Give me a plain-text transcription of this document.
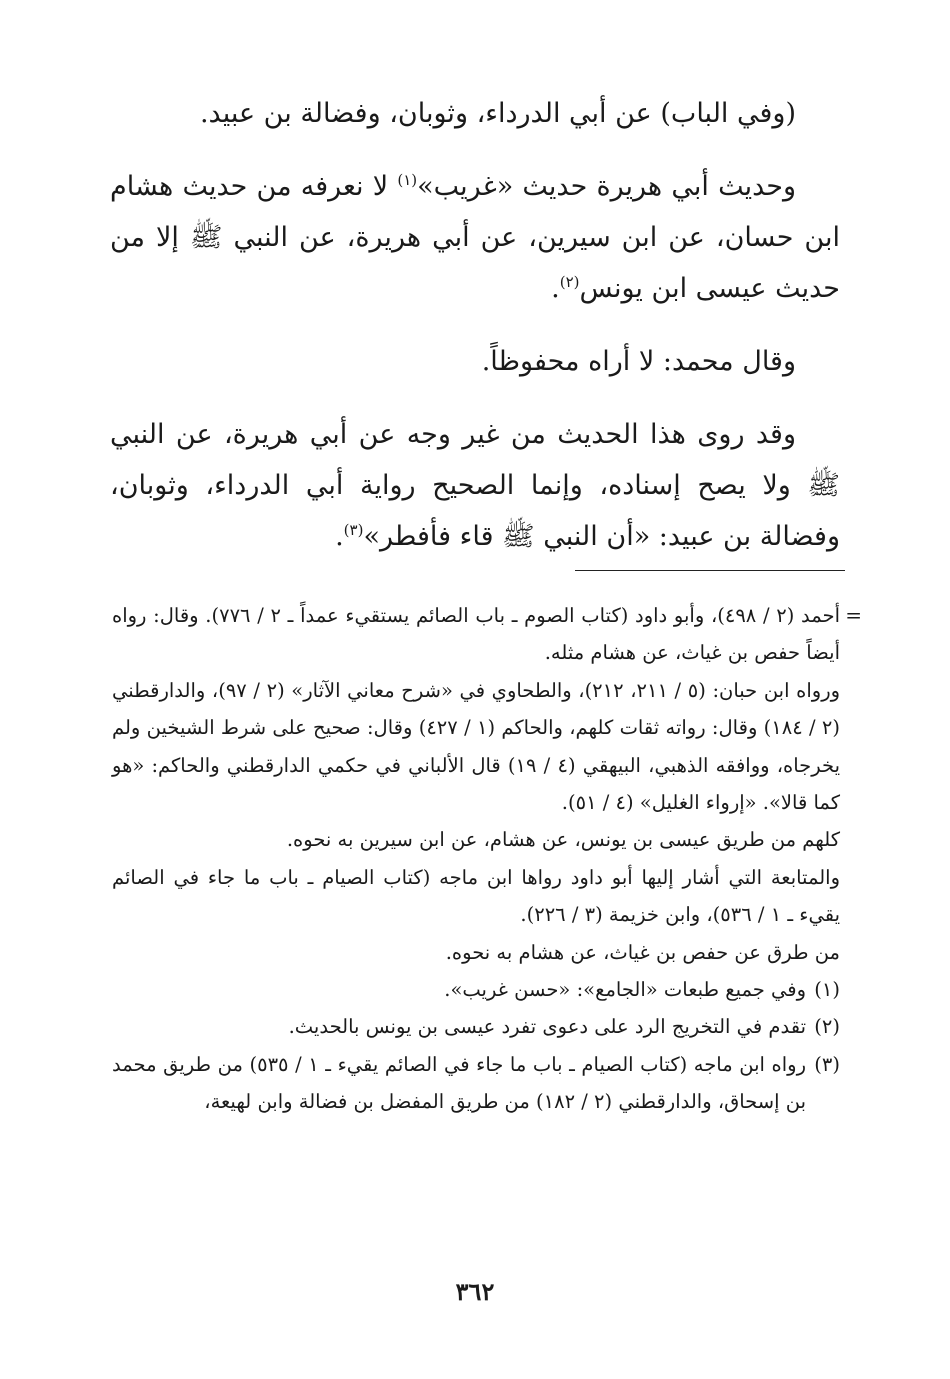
(وفي الباب) عن أبي الدرداء، وثوبان، وفضالة بن عبيد.

وحديث أبي هريرة حديث «غريب»$^{(١)}$ لا نعرفه من حديث هشام ابن حسان، عن ابن سيرين، عن أبي هريرة، عن النبي ﷺ إلا من حديث عيسى ابن يونس$^{(٢)}$.

وقال محمد: لا أراه محفوظاً.

وقد روى هذا الحديث من غير وجه عن أبي هريرة، عن النبي ﷺ ولا يصح إسناده، وإنما الصحيح رواية أبي الدرداء، وثوبان، وفضالة بن عبيد: «أن النبي ﷺ قاء فأفطر»$^{(٣)}$.

=

أحمد (٢ / ٤٩٨)، وأبو داود (كتاب الصوم ـ باب الصائم يستقيء عمداً ـ ٢ / ٧٧٦). وقال: رواه أيضاً حفص بن غياث، عن هشام مثله.

ورواه ابن حبان: (٥ / ٢١١، ٢١٢)، والطحاوي في «شرح معاني الآثار» (٢ / ٩٧)، والدارقطني (٢ / ١٨٤) وقال: رواته ثقات كلهم، والحاكم (١ / ٤٢٧) وقال: صحيح على شرط الشيخين ولم يخرجاه، ووافقه الذهبي، البيهقي (٤ / ١٩) قال الألباني في حكمي الدارقطني والحاكم: «هو كما قالا». «إرواء الغليل» (٤ / ٥١).

كلهم من طريق عيسى بن يونس، عن هشام، عن ابن سيرين به نحوه.

والمتابعة التي أشار إليها أبو داود رواها ابن ماجه (كتاب الصيام ـ باب ما جاء في الصائم يقيء ـ ١ / ٥٣٦)، وابن خزيمة (٣ / ٢٢٦).

من طرق عن حفص بن غياث، عن هشام به نحوه.

(١)

وفي جميع طبعات «الجامع»: «حسن غريب».

(٢)

تقدم في التخريج الرد على دعوى تفرد عيسى بن يونس بالحديث.

(٣)

رواه ابن ماجه (كتاب الصيام ـ باب ما جاء في الصائم يقيء ـ ١ / ٥٣٥) من طريق محمد بن إسحاق، والدارقطني (٢ / ١٨٢) من طريق المفضل بن فضالة وابن لهيعة،

٣٦٢
